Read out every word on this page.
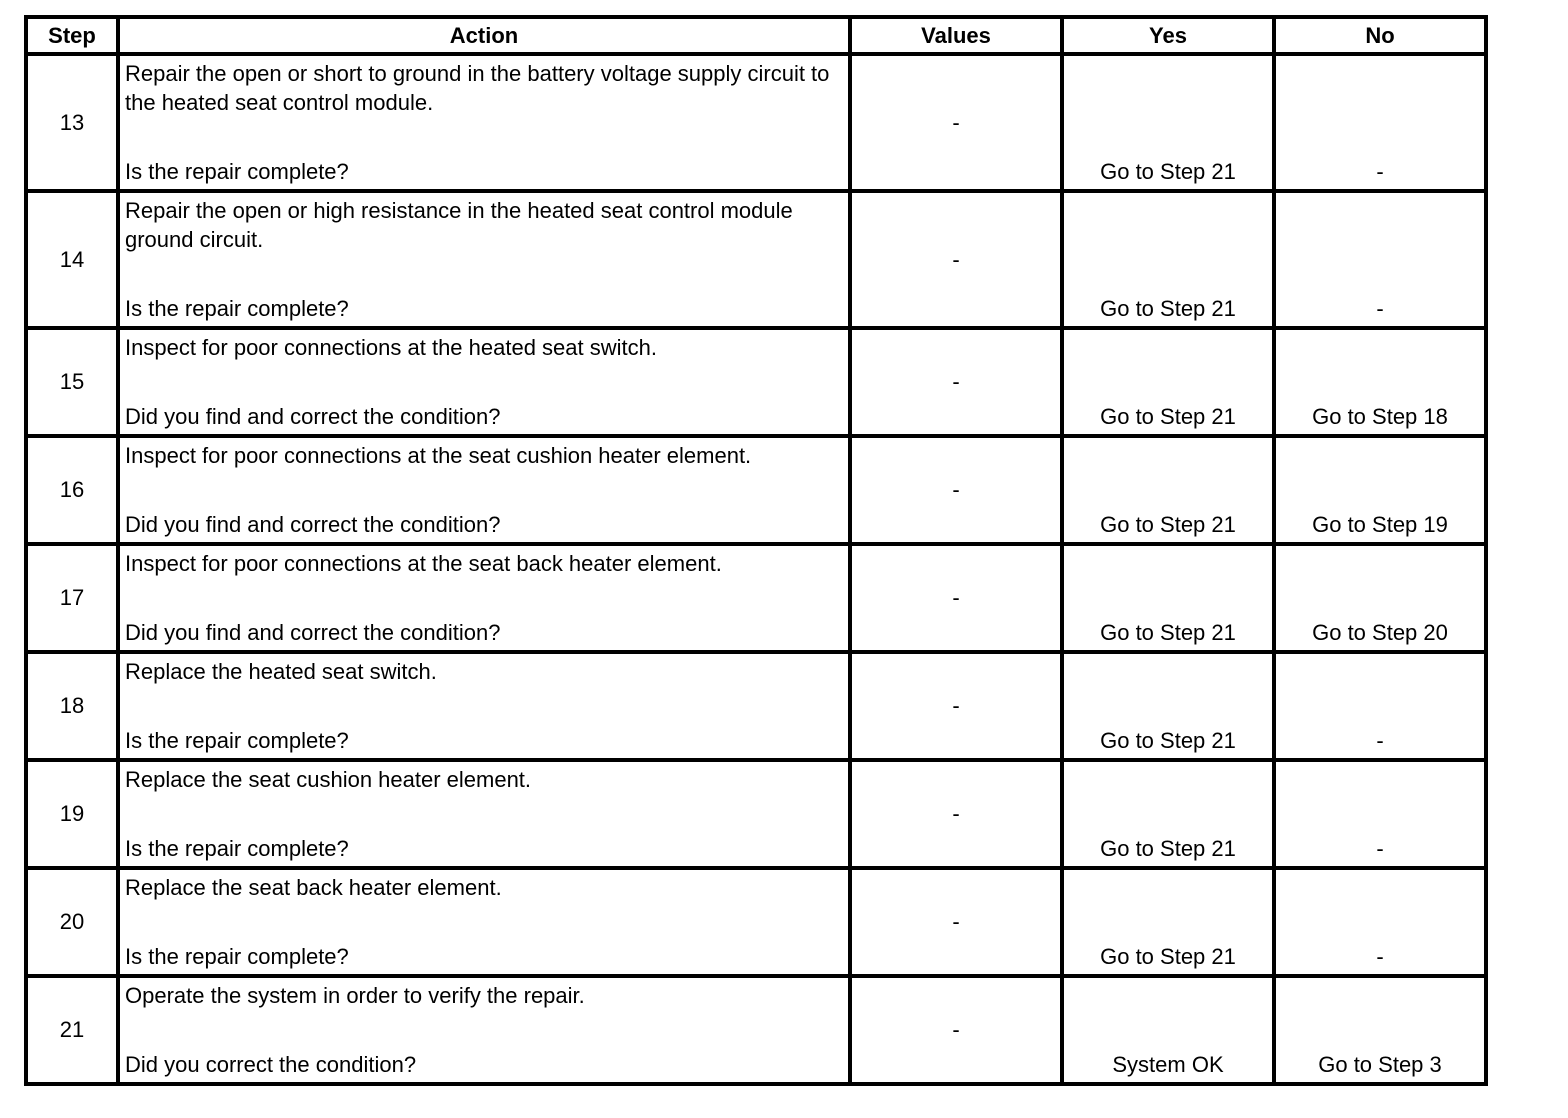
Step	Action	Values	Yes	No
13	Repair the open or short to ground in the battery voltage supply circuit to the heated seat control module.
Is the repair complete?	-	Go to Step 21	-
14	Repair the open or high resistance in the heated seat control module ground circuit.
Is the repair complete?	-	Go to Step 21	-
15	Inspect for poor connections at the heated seat switch.
Did you find and correct the condition?	-	Go to Step 21	Go to Step 18
16	Inspect for poor connections at the seat cushion heater element.
Did you find and correct the condition?	-	Go to Step 21	Go to Step 19
17	Inspect for poor connections at the seat back heater element.
Did you find and correct the condition?	-	Go to Step 21	Go to Step 20
18	Replace the heated seat switch.
Is the repair complete?	-	Go to Step 21	-
19	Replace the seat cushion heater element.
Is the repair complete?	-	Go to Step 21	-
20	Replace the seat back heater element.
Is the repair complete?	-	Go to Step 21	-
21	Operate the system in order to verify the repair.
Did you correct the condition?	-	System OK	Go to Step 3
